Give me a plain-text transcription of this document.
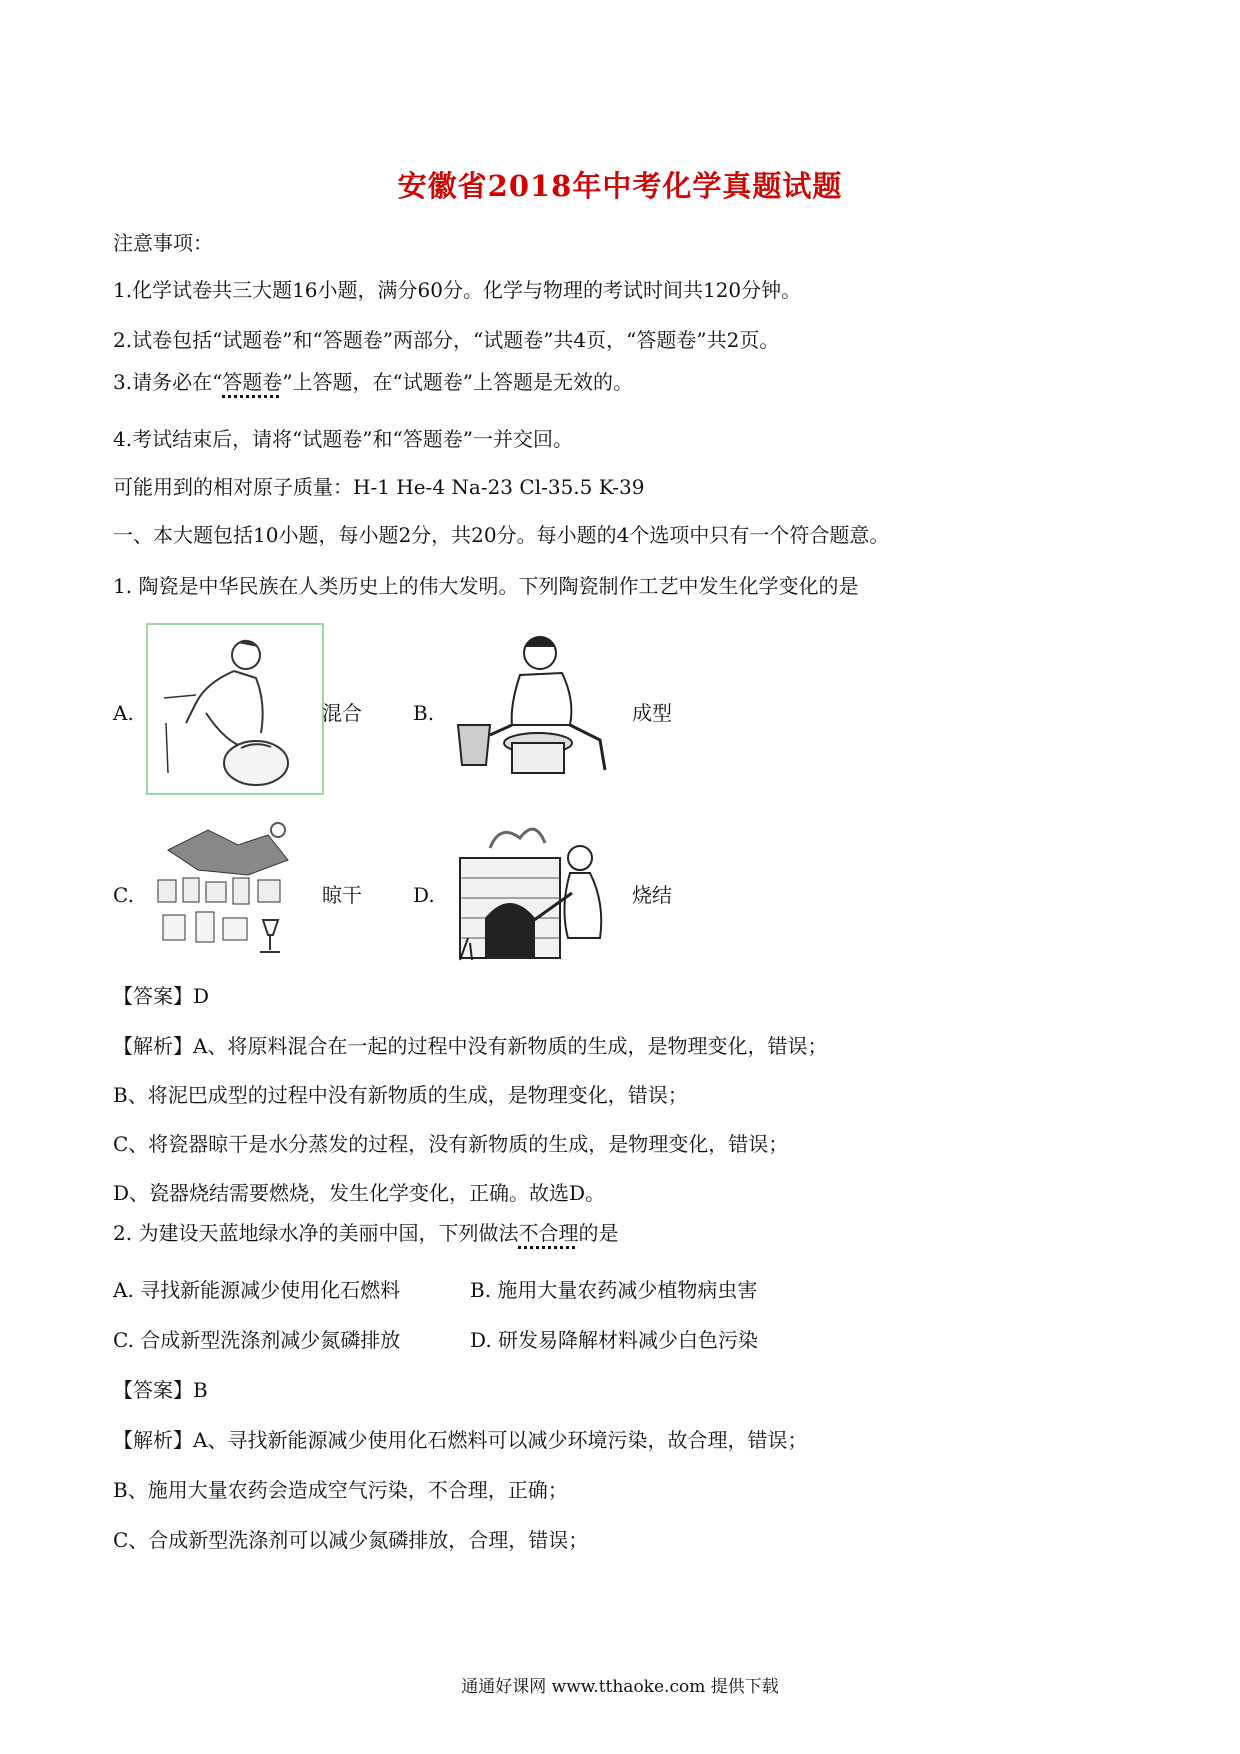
安徽省2018年中考化学真题试题
注意事项：
1.化学试卷共三大题16小题，满分60分。化学与物理的考试时间共120分钟。
2.试卷包括“试题卷”和“答题卷”两部分，“试题卷”共4页，“答题卷”共2页。
3.请务必在“答题卷”上答题，在“试题卷”上答题是无效的。
4.考试结束后，请将“试题卷”和“答题卷”一并交回。
可能用到的相对原子质量：H-1 He-4 Na-23 Cl-35.5 K-39
一、本大题包括10小题，每小题2分，共20分。每小题的4个选项中只有一个符合题意。
1. 陶瓷是中华民族在人类历史上的伟大发明。下列陶瓷制作工艺中发生化学变化的是
A.	混合	B.	成型
C.	晾干	D.	烧结
【答案】D
【解析】A、将原料混合在一起的过程中没有新物质的生成，是物理变化，错误；
B、将泥巴成型的过程中没有新物质的生成，是物理变化，错误；
C、将瓷器晾干是水分蒸发的过程，没有新物质的生成，是物理变化，错误；
D、瓷器烧结需要燃烧，发生化学变化，正确。故选D。
2. 为建设天蓝地绿水净的美丽中国，下列做法不合理的是
A. 寻找新能源减少使用化石燃料	B. 施用大量农药减少植物病虫害
C. 合成新型洗涤剂减少氮磷排放	D. 研发易降解材料减少白色污染
【答案】B
【解析】A、寻找新能源减少使用化石燃料可以减少环境污染，故合理，错误；
B、施用大量农药会造成空气污染，不合理，正确；
C、合成新型洗涤剂可以减少氮磷排放，合理，错误；
通通好课网 www.tthaoke.com 提供下载
